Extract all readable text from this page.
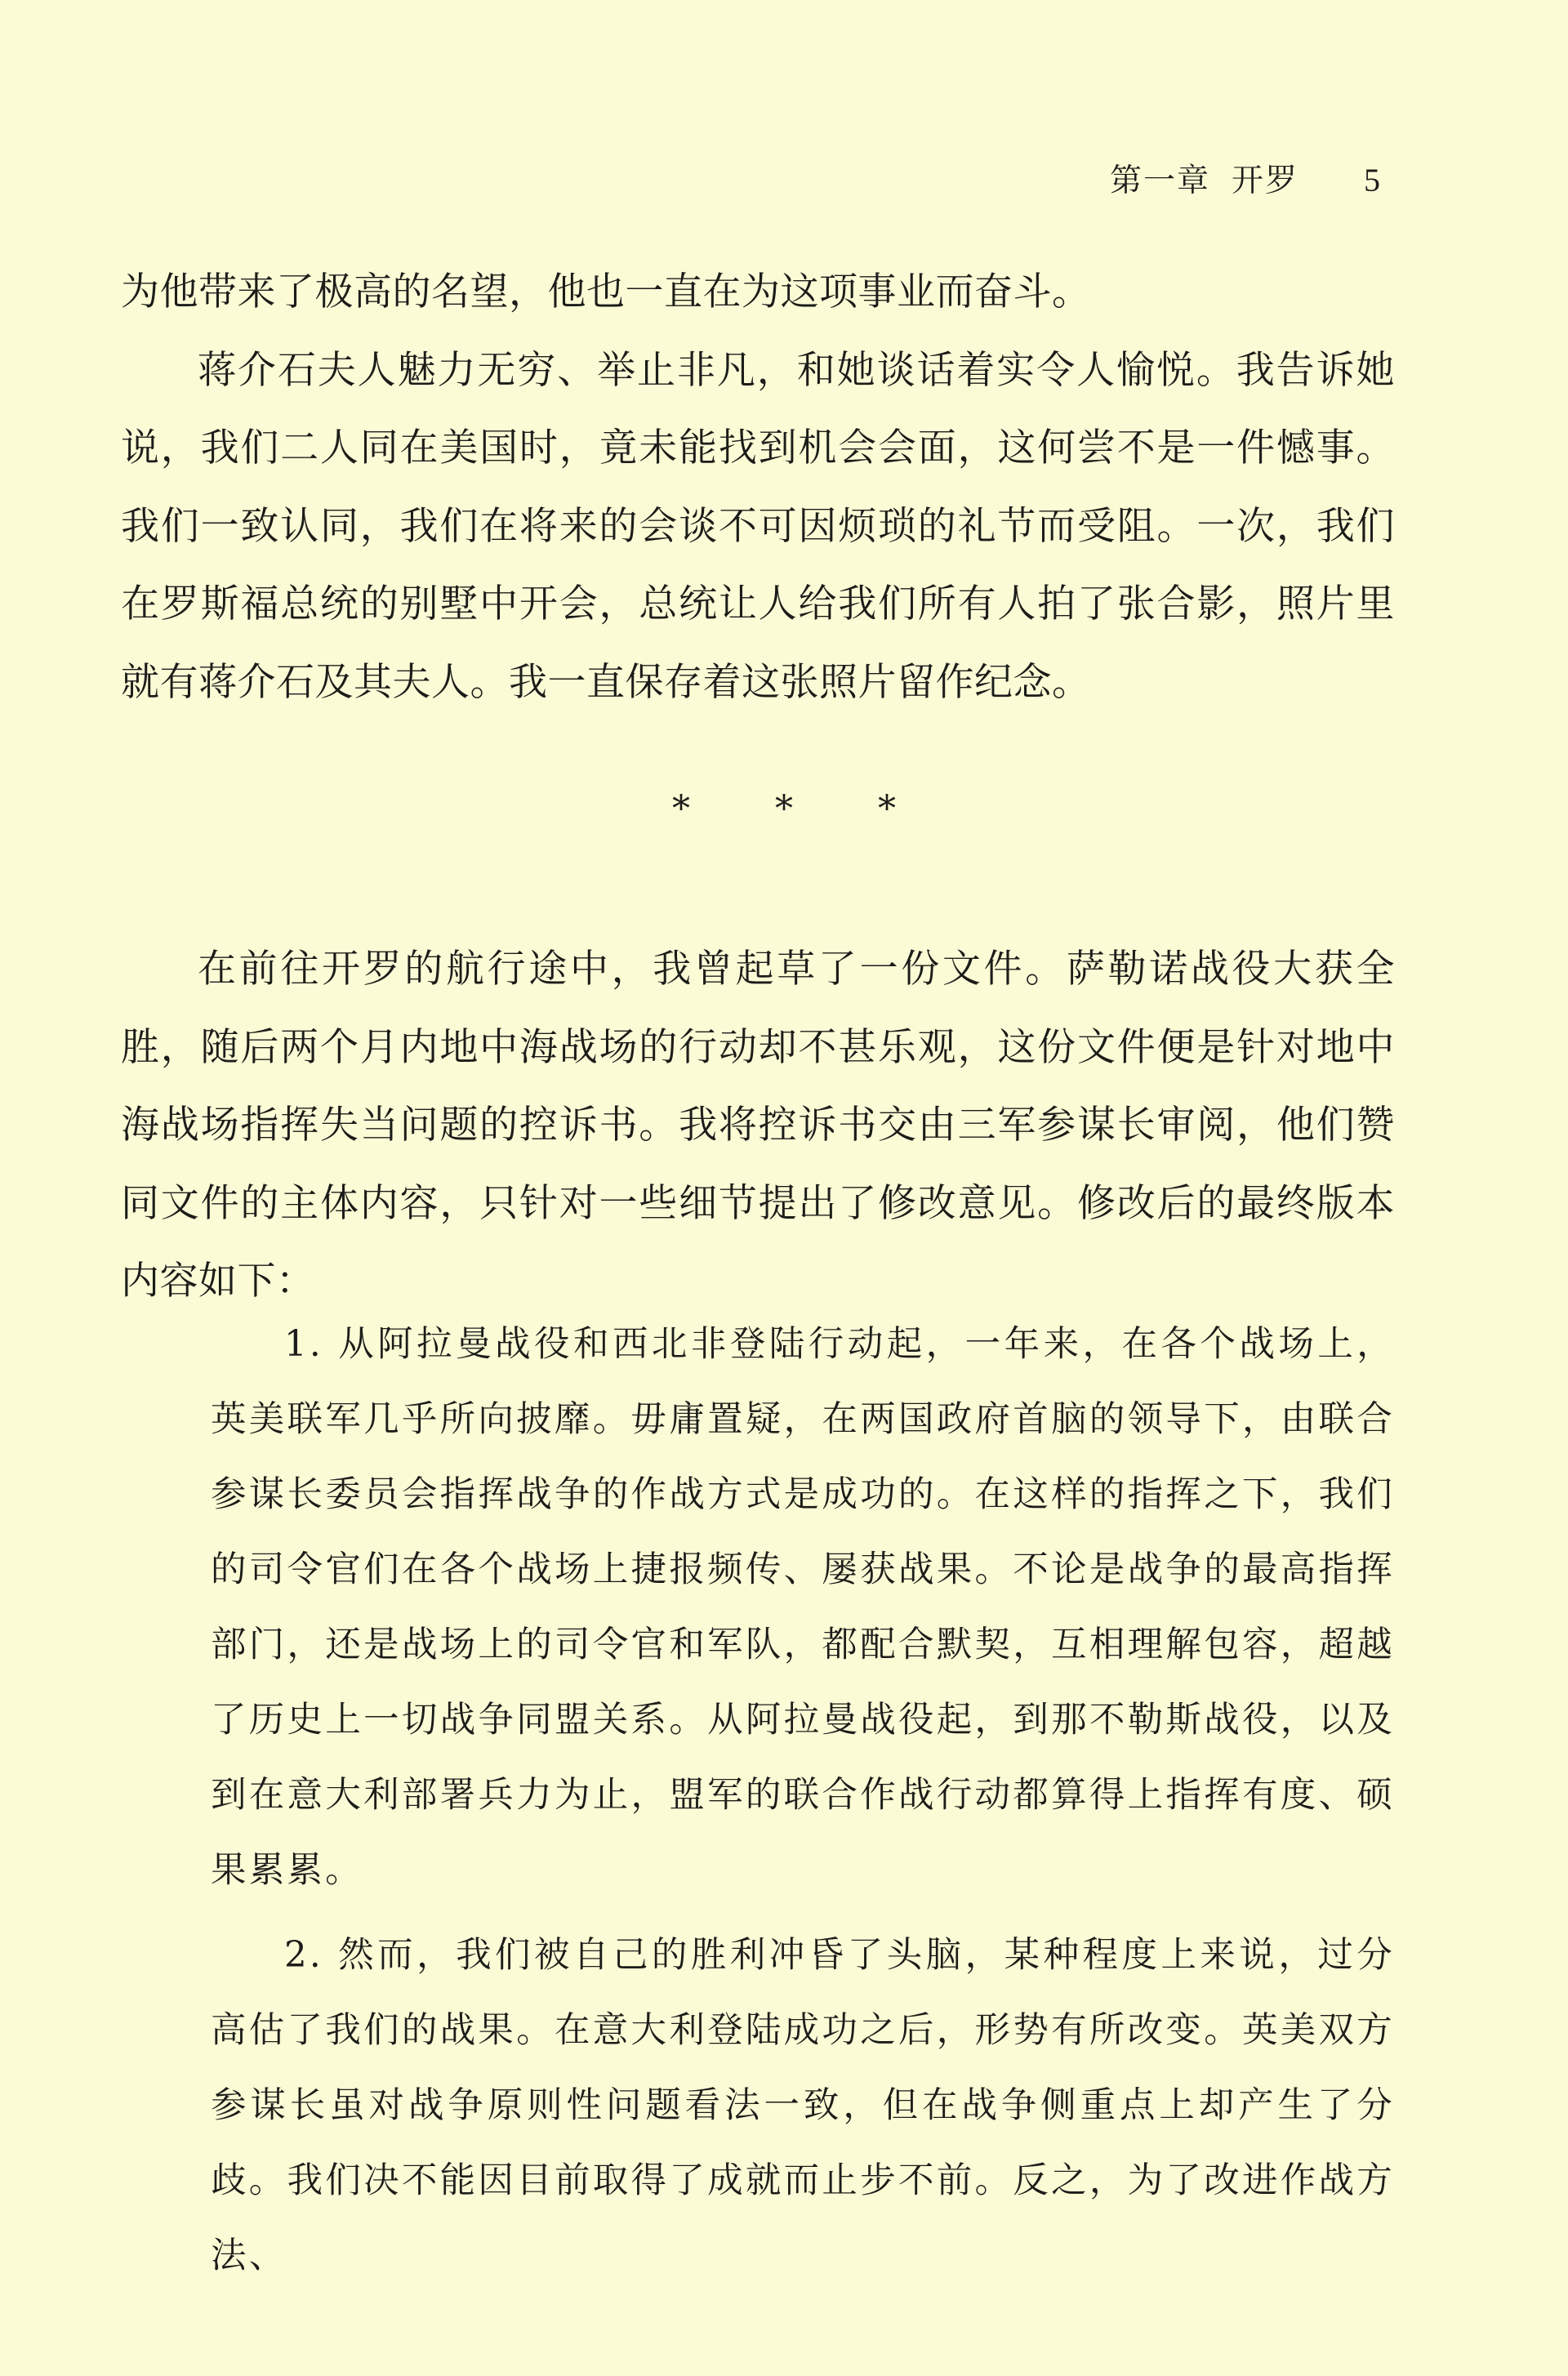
第一章 开罗 5

为他带来了极高的名望，他也一直在为这项事业而奋斗。

蒋介石夫人魅力无穷、举止非凡，和她谈话着实令人愉悦。我告诉她说，我们二人同在美国时，竟未能找到机会会面，这何尝不是一件憾事。我们一致认同，我们在将来的会谈不可因烦琐的礼节而受阻。一次，我们在罗斯福总统的别墅中开会，总统让人给我们所有人拍了张合影，照片里就有蒋介石及其夫人。我一直保存着这张照片留作纪念。

* * *

在前往开罗的航行途中，我曾起草了一份文件。萨勒诺战役大获全胜，随后两个月内地中海战场的行动却不甚乐观，这份文件便是针对地中海战场指挥失当问题的控诉书。我将控诉书交由三军参谋长审阅，他们赞同文件的主体内容，只针对一些细节提出了修改意见。修改后的最终版本内容如下：

1. 从阿拉曼战役和西北非登陆行动起，一年来，在各个战场上，英美联军几乎所向披靡。毋庸置疑，在两国政府首脑的领导下，由联合参谋长委员会指挥战争的作战方式是成功的。在这样的指挥之下，我们的司令官们在各个战场上捷报频传、屡获战果。不论是战争的最高指挥部门，还是战场上的司令官和军队，都配合默契，互相理解包容，超越了历史上一切战争同盟关系。从阿拉曼战役起，到那不勒斯战役，以及到在意大利部署兵力为止，盟军的联合作战行动都算得上指挥有度、硕果累累。

2. 然而，我们被自己的胜利冲昏了头脑，某种程度上来说，过分高估了我们的战果。在意大利登陆成功之后，形势有所改变。英美双方参谋长虽对战争原则性问题看法一致，但在战争侧重点上却产生了分歧。我们决不能因目前取得了成就而止步不前。反之，为了改进作战方法、
